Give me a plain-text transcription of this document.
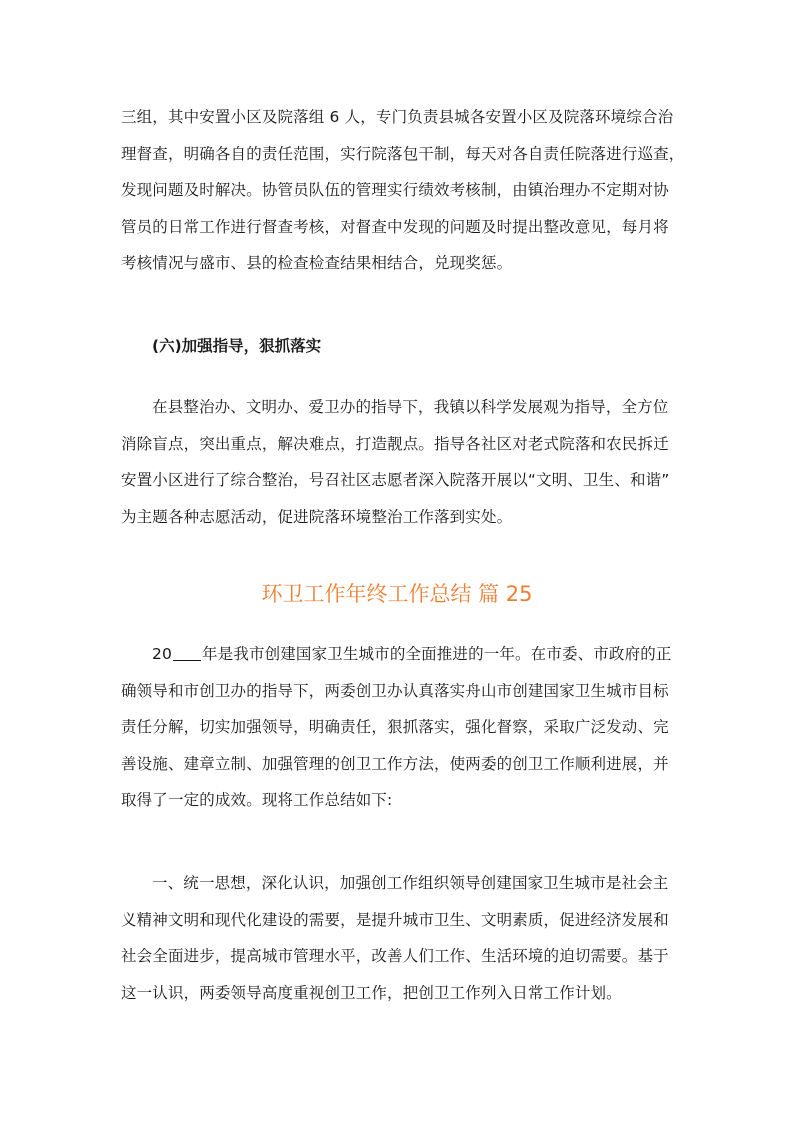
三组，其中安置小区及院落组 6 人，专门负责县城各安置小区及院落环境综合治
理督查，明确各自的责任范围，实行院落包干制，每天对各自责任院落进行巡查，
发现问题及时解决。协管员队伍的管理实行绩效考核制，由镇治理办不定期对协
管员的日常工作进行督查考核，对督查中发现的问题及时提出整改意见，每月将
考核情况与盛市、县的检查检查结果相结合，兑现奖惩。
(六)加强指导，狠抓落实
在县整治办、文明办、爱卫办的指导下，我镇以科学发展观为指导，全方位
消除盲点，突出重点，解决难点，打造靓点。指导各社区对老式院落和农民拆迁
安置小区进行了综合整治，号召社区志愿者深入院落开展以“文明、卫生、和谐”
为主题各种志愿活动，促进院落环境整治工作落到实处。
环卫工作年终工作总结 篇 25
20 年是我市创建国家卫生城市的全面推进的一年。在市委、市政府的正
确领导和市创卫办的指导下，两委创卫办认真落实舟山市创建国家卫生城市目标
责任分解，切实加强领导，明确责任，狠抓落实，强化督察，采取广泛发动、完
善设施、建章立制、加强管理的创卫工作方法，使两委的创卫工作顺利进展，并
取得了一定的成效。现将工作总结如下:
一、统一思想，深化认识，加强创工作组织领导创建国家卫生城市是社会主
义精神文明和现代化建设的需要，是提升城市卫生、文明素质，促进经济发展和
社会全面进步，提高城市管理水平，改善人们工作、生活环境的迫切需要。基于
这一认识，两委领导高度重视创卫工作，把创卫工作列入日常工作计划。
